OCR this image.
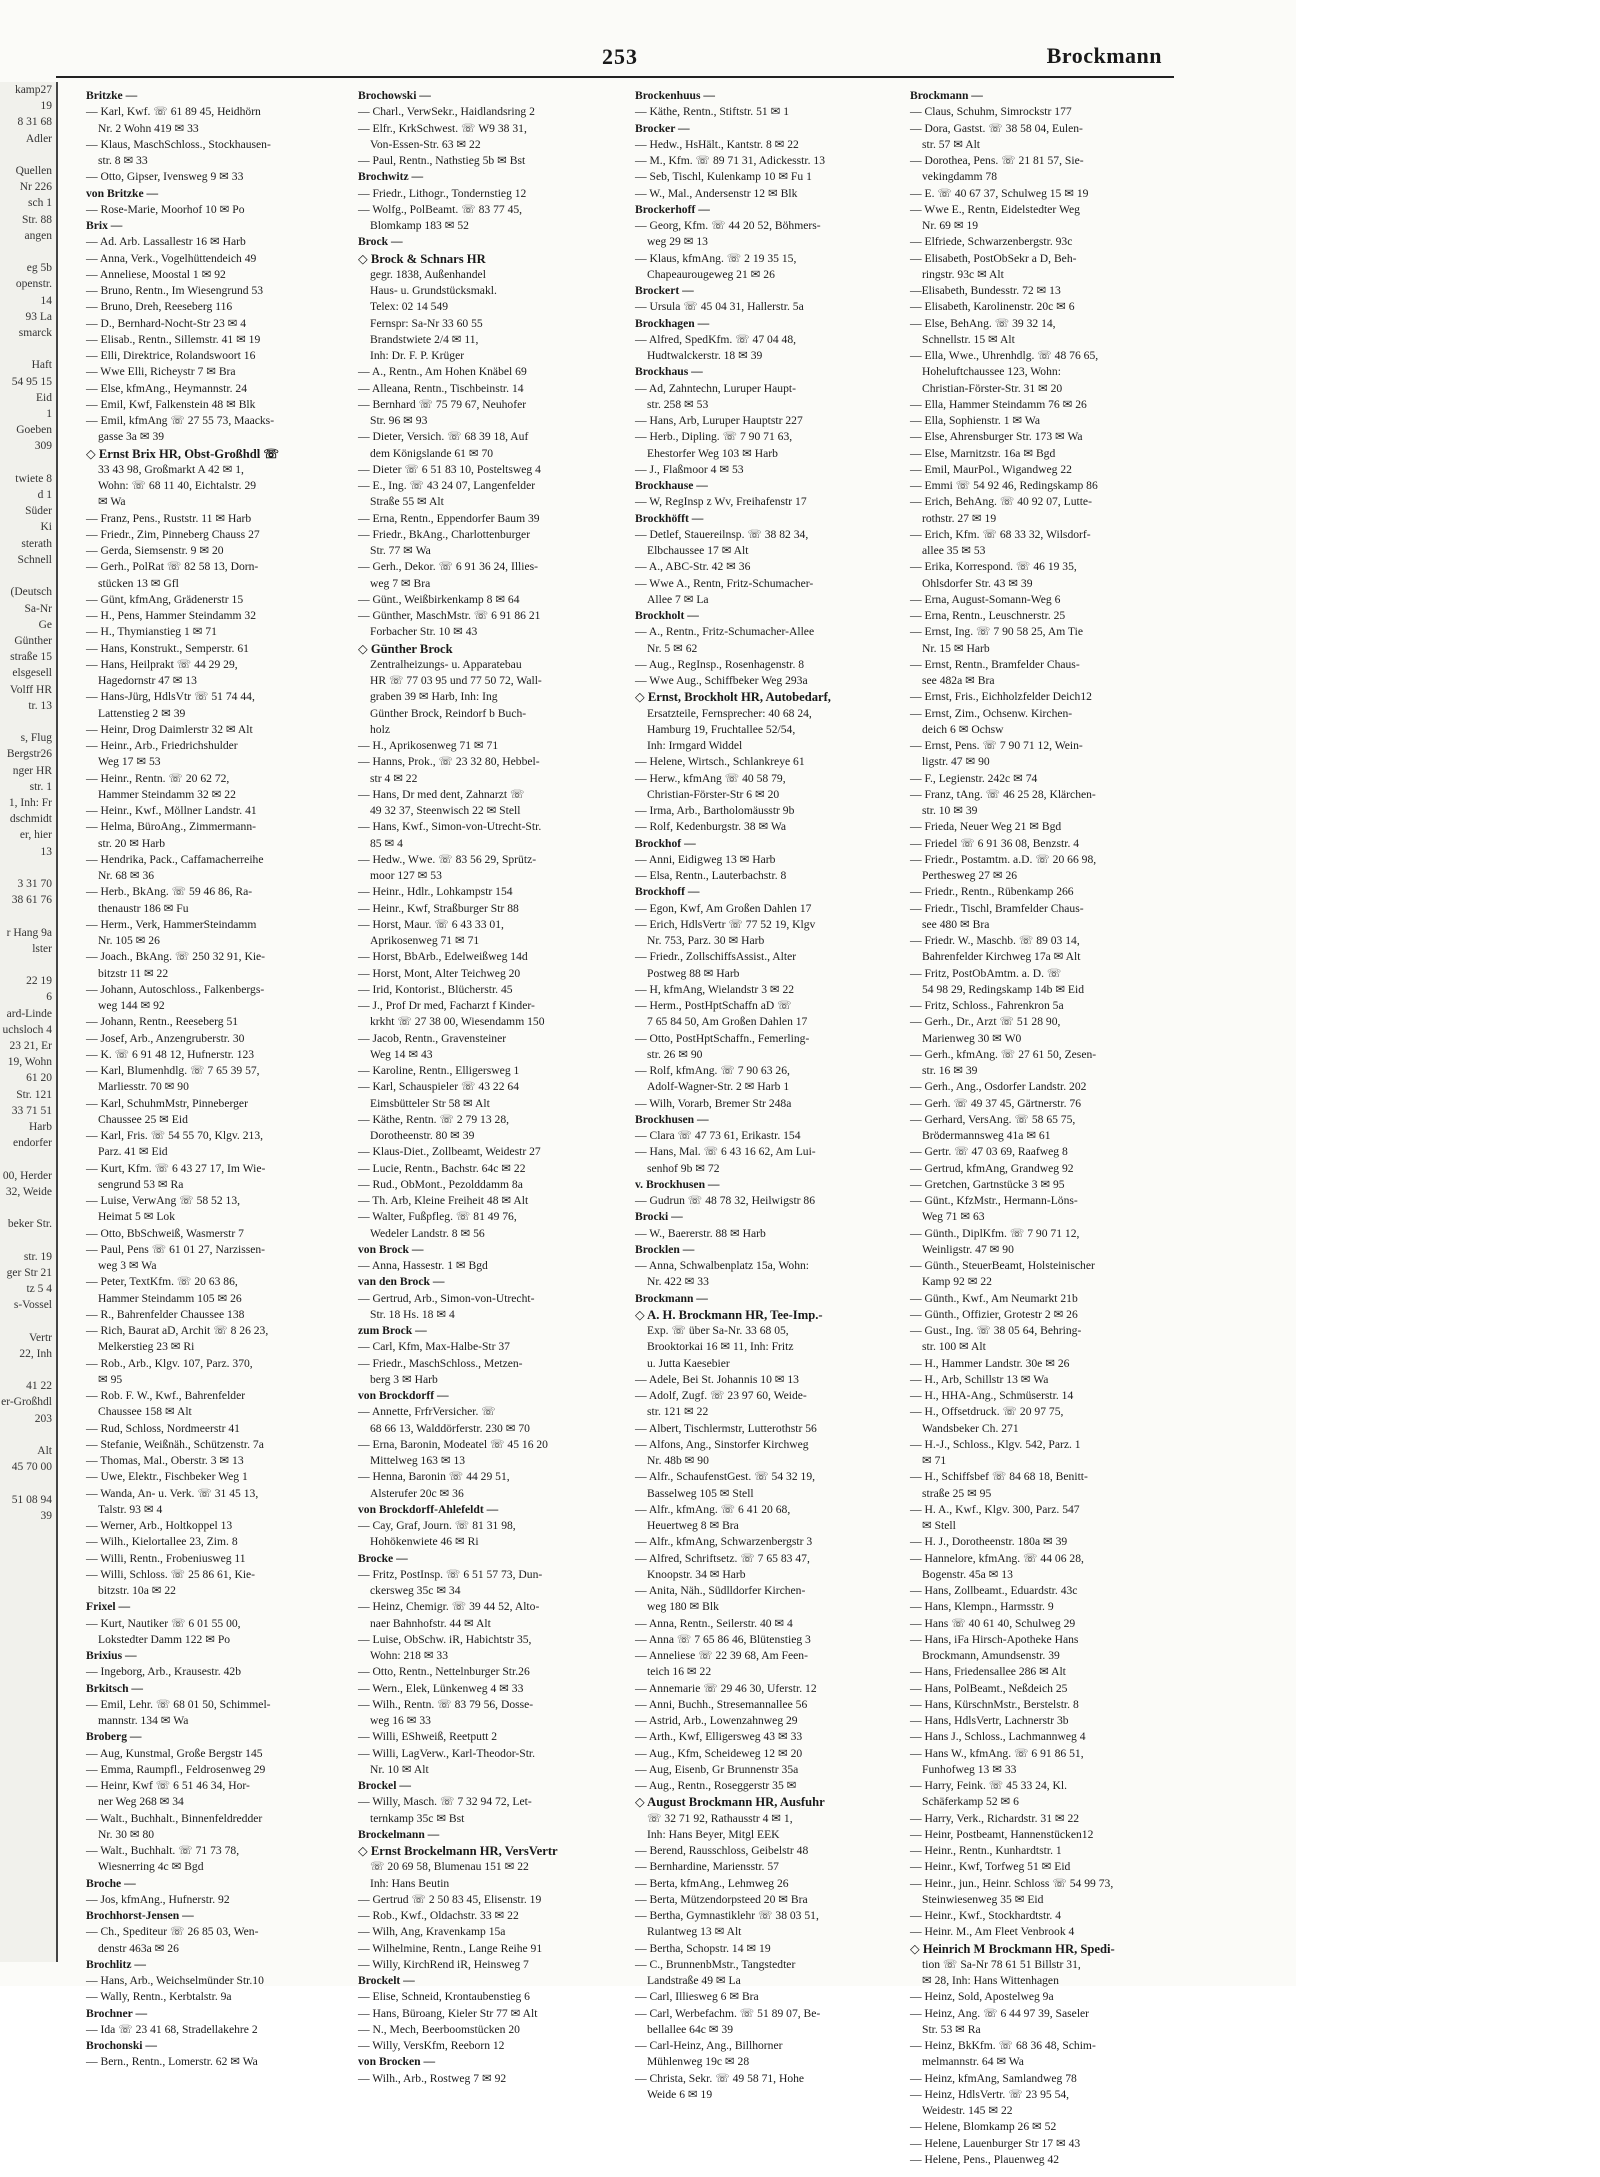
kamp27
19
8 31 68
Adler

Quellen
Nr 226
sch 1
Str. 88
angen

eg 5b
openstr.
14
93 La
smarck

Haft
54 95 15
Eid
1
Goeben
309

twiete 8
d 1
Süder
Ki
sterath
Schnell

(Deutsch
Sa-Nr
Ge
Günther
straße 15
elsgesell
Volff HR
tr. 13

s, Flug
Bergstr26
nger HR
str. 1
1, Inh: Fr
dschmidt
er, hier
13

3 31 70
38 61 76

r Hang 9a
lster

22 19
6
ard-Linde
uchsloch 4
23 21, Er
19, Wohn
61 20
Str. 121
33 71 51
Harb
endorfer

00, Herder
32, Weide

beker Str.

str. 19
ger Str 21
tz 5 4
s-Vossel

Vertr
22, Inh

41 22
er-Großhdl
203

Alt
45 70 00

51 08 94
39
253	Brockmann
Britzke —
— Karl, Kwf. ☏ 61 89 45, Heidhörn
Nr. 2 Wohn 419 ✉ 33
— Klaus, MaschSchloss., Stockhausen-
str. 8 ✉ 33
— Otto, Gipser, Ivensweg 9 ✉ 33
von Britzke —
— Rose-Marie, Moorhof 10 ✉ Po
Brix —
— Ad. Arb. Lassallestr 16 ✉ Harb
— Anna, Verk., Vogelhüttendeich 49
— Anneliese, Moostal 1 ✉ 92
— Bruno, Rentn., Im Wiesengrund 53
— Bruno, Dreh, Reeseberg 116
— D., Bernhard-Nocht-Str 23 ✉ 4
— Elisab., Rentn., Sillemstr. 41 ✉ 19
— Elli, Direktrice, Rolandswoort 16
— Wwe Elli, Richeystr 7 ✉ Bra
— Else, kfmAng., Heymannstr. 24
— Emil, Kwf, Falkenstein 48 ✉ Blk
— Emil, kfmAng ☏ 27 55 73, Maacks-
gasse 3a ✉ 39
◇ Ernst Brix HR, Obst-Großhdl ☏
33 43 98, Großmarkt A 42 ✉ 1,
Wohn: ☏ 68 11 40, Eichtalstr. 29
✉ Wa
— Franz, Pens., Ruststr. 11 ✉ Harb
— Friedr., Zim, Pinneberg Chauss 27
— Gerda, Siemsenstr. 9 ✉ 20
— Gerh., PolRat ☏ 82 58 13, Dorn-
stücken 13 ✉ Gfl
— Günt, kfmAng, Grädenerstr 15
— H., Pens, Hammer Steindamm 32
— H., Thymianstieg 1 ✉ 71
— Hans, Konstrukt., Semperstr. 61
— Hans, Heilprakt ☏ 44 29 29,
Hagedornstr 47 ✉ 13
— Hans-Jürg, HdlsVtr ☏ 51 74 44,
Lattenstieg 2 ✉ 39
— Heinr, Drog Daimlerstr 32 ✉ Alt
— Heinr., Arb., Friedrichshulder
Weg 17 ✉ 53
— Heinr., Rentn. ☏ 20 62 72,
Hammer Steindamm 32 ✉ 22
— Heinr., Kwf., Möllner Landstr. 41
— Helma, BüroAng., Zimmermann-
str. 20 ✉ Harb
— Hendrika, Pack., Caffamacherreihe
Nr. 68 ✉ 36
— Herb., BkAng. ☏ 59 46 86, Ra-
thenaustr 186 ✉ Fu
— Herm., Verk, HammerSteindamm
Nr. 105 ✉ 26
— Joach., BkAng. ☏ 250 32 91, Kie-
bitzstr 11 ✉ 22
— Johann, Autoschloss., Falkenbergs-
weg 144 ✉ 92
— Johann, Rentn., Reeseberg 51
— Josef, Arb., Anzengruberstr. 30
— K. ☏ 6 91 48 12, Hufnerstr. 123
— Karl, Blumenhdlg. ☏ 7 65 39 57,
Marliesstr. 70 ✉ 90
— Karl, SchuhmMstr, Pinneberger
Chaussee 25 ✉ Eid
— Karl, Fris. ☏ 54 55 70, Klgv. 213,
Parz. 41 ✉ Eid
— Kurt, Kfm. ☏ 6 43 27 17, Im Wie-
sengrund 53 ✉ Ra
— Luise, VerwAng ☏ 58 52 13,
Heimat 5 ✉ Lok
— Otto, BbSchweiß, Wasmerstr 7
— Paul, Pens ☏ 61 01 27, Narzissen-
weg 3 ✉ Wa
— Peter, TextKfm. ☏ 20 63 86,
Hammer Steindamm 105 ✉ 26
— R., Bahrenfelder Chaussee 138
— Rich, Baurat aD, Archit ☏ 8 26 23,
Melkerstieg 23 ✉ Ri
— Rob., Arb., Klgv. 107, Parz. 370,
✉ 95
— Rob. F. W., Kwf., Bahrenfelder
Chaussee 158 ✉ Alt
— Rud, Schloss, Nordmeerstr 41
— Stefanie, Weißnäh., Schützenstr. 7a
— Thomas, Mal., Oberstr. 3 ✉ 13
— Uwe, Elektr., Fischbeker Weg 1
— Wanda, An- u. Verk. ☏ 31 45 13,
Talstr. 93 ✉ 4
— Werner, Arb., Holtkoppel 13
— Wilh., Kielortallee 23, Zim. 8
— Willi, Rentn., Frobeniusweg 11
— Willi, Schloss. ☏ 25 86 61, Kie-
bitzstr. 10a ✉ 22
Frixel —
— Kurt, Nautiker ☏ 6 01 55 00,
Lokstedter Damm 122 ✉ Po
Brixius —
— Ingeborg, Arb., Krausestr. 42b
Brkitsch —
— Emil, Lehr. ☏ 68 01 50, Schimmel-
mannstr. 134 ✉ Wa
Broberg —
— Aug, Kunstmal, Große Bergstr 145
— Emma, Raumpfl., Feldrosenweg 29
— Heinr, Kwf ☏ 6 51 46 34, Hor-
ner Weg 268 ✉ 34
— Walt., Buchhalt., Binnenfeldredder
Nr. 30 ✉ 80
— Walt., Buchhalt. ☏ 71 73 78,
Wiesnerring 4c ✉ Bgd
Broche —
— Jos, kfmAng., Hufnerstr. 92
Brochhorst-Jensen —
— Ch., Spediteur ☏ 26 85 03, Wen-
denstr 463a ✉ 26
Brochlitz —
— Hans, Arb., Weichselmünder Str.10
— Wally, Rentn., Kerbtalstr. 9a
Brochner —
— Ida ☏ 23 41 68, Stradellakehre 2
Brochonski —
— Bern., Rentn., Lomerstr. 62 ✉ Wa
Brochowski —
— Charl., VerwSekr., Haidlandsring 2
— Elfr., KrkSchwest. ☏ W9 38 31,
Von-Essen-Str. 63 ✉ 22
— Paul, Rentn., Nathstieg 5b ✉ Bst
Brochwitz —
— Friedr., Lithogr., Tondernstieg 12
— Wolfg., PolBeamt. ☏ 83 77 45,
Blomkamp 183 ✉ 52
Brock —
◇ Brock & Schnars HR
gegr. 1838, Außenhandel
Haus- u. Grundstücksmakl.
Telex: 02 14 549
Fernspr: Sa-Nr 33 60 55
Brandstwiete 2/4 ✉ 11,
Inh: Dr. F. P. Krüger
— A., Rentn., Am Hohen Knäbel 69
— Alleana, Rentn., Tischbeinstr. 14
— Bernhard ☏ 75 79 67, Neuhofer
Str. 96 ✉ 93
— Dieter, Versich. ☏ 68 39 18, Auf
dem Königslande 61 ✉ 70
— Dieter ☏ 6 51 83 10, Posteltsweg 4
— E., Ing. ☏ 43 24 07, Langenfelder
Straße 55 ✉ Alt
— Erna, Rentn., Eppendorfer Baum 39
— Friedr., BkAng., Charlottenburger
Str. 77 ✉ Wa
— Gerh., Dekor. ☏ 6 91 36 24, Illies-
weg 7 ✉ Bra
— Günt., Weißbirkenkamp 8 ✉ 64
— Günther, MaschMstr. ☏ 6 91 86 21
Forbacher Str. 10 ✉ 43
◇ Günther Brock
Zentralheizungs- u. Apparatebau
HR ☏ 77 03 95 und 77 50 72, Wall-
graben 39 ✉ Harb, Inh: Ing
Günther Brock, Reindorf b Buch-
holz
— H., Aprikosenweg 71 ✉ 71
— Hanns, Prok., ☏ 23 32 80, Hebbel-
str 4 ✉ 22
— Hans, Dr med dent, Zahnarzt ☏
49 32 37, Steenwisch 22 ✉ Stell
— Hans, Kwf., Simon-von-Utrecht-Str.
85 ✉ 4
— Hedw., Wwe. ☏ 83 56 29, Sprütz-
moor 127 ✉ 53
— Heinr., Hdlr., Lohkampstr 154
— Heinr., Kwf, Straßburger Str 88
— Horst, Maur. ☏ 6 43 33 01,
Aprikosenweg 71 ✉ 71
— Horst, BbArb., Edelweißweg 14d
— Horst, Mont, Alter Teichweg 20
— Irid, Kontorist., Blücherstr. 45
— J., Prof Dr med, Facharzt f Kinder-
krkht ☏ 27 38 00, Wiesendamm 150
— Jacob, Rentn., Gravensteiner
Weg 14 ✉ 43
— Karoline, Rentn., Elligersweg 1
— Karl, Schauspieler ☏ 43 22 64
Eimsbütteler Str 58 ✉ Alt
— Käthe, Rentn. ☏ 2 79 13 28,
Dorotheenstr. 80 ✉ 39
— Klaus-Diet., Zollbeamt, Weidestr 27
— Lucie, Rentn., Bachstr. 64c ✉ 22
— Rud., ObMont., Pezolddamm 8a
— Th. Arb, Kleine Freiheit 48 ✉ Alt
— Walter, Fußpfleg. ☏ 81 49 76,
Wedeler Landstr. 8 ✉ 56
von Brock —
— Anna, Hassestr. 1 ✉ Bgd
van den Brock —
— Gertrud, Arb., Simon-von-Utrecht-
Str. 18 Hs. 18 ✉ 4
zum Brock —
— Carl, Kfm, Max-Halbe-Str 37
— Friedr., MaschSchloss., Metzen-
berg 3 ✉ Harb
von Brockdorff —
— Annette, FrfrVersicher. ☏
68 66 13, Walddörferstr. 230 ✉ 70
— Erna, Baronin, Modeatel ☏ 45 16 20
Mittelweg 163 ✉ 13
— Henna, Baronin ☏ 44 29 51,
Alsterufer 20c ✉ 36
von Brockdorff-Ahlefeldt —
— Cay, Graf, Journ. ☏ 81 31 98,
Hohökenwiete 46 ✉ Ri
Brocke —
— Fritz, PostInsp. ☏ 6 51 57 73, Dun-
ckersweg 35c ✉ 34
— Heinz, Chemigr. ☏ 39 44 52, Alto-
naer Bahnhofstr. 44 ✉ Alt
— Luise, ObSchw. iR, Habichtstr 35,
Wohn: 218 ✉ 33
— Otto, Rentn., Nettelnburger Str.26
— Wern., Elek, Lünkenweg 4 ✉ 33
— Wilh., Rentn. ☏ 83 79 56, Dosse-
weg 16 ✉ 33
— Willi, EShweiß, Reetputt 2
— Willi, LagVerw., Karl-Theodor-Str.
Nr. 10 ✉ Alt
Brockel —
— Willy, Masch. ☏ 7 32 94 72, Let-
ternkamp 35c ✉ Bst
Brockelmann —
◇ Ernst Brockelmann HR, VersVertr
☏ 20 69 58, Blumenau 151 ✉ 22
Inh: Hans Beutin
— Gertrud ☏ 2 50 83 45, Elisenstr. 19
— Rob., Kwf., Oldachstr. 33 ✉ 22
— Wilh, Ang, Kravenkamp 15a
— Wilhelmine, Rentn., Lange Reihe 91
— Willy, KirchRend iR, Heinsweg 7
Brockelt —
— Elise, Schneid, Krontaubenstieg 6
— Hans, Büroang, Kieler Str 77 ✉ Alt
— N., Mech, Beerboomstücken 20
— Willy, VersKfm, Reeborn 12
von Brocken —
— Wilh., Arb., Rostweg 7 ✉ 92
Brockenhuus —
— Käthe, Rentn., Stiftstr. 51 ✉ 1
Brocker —
— Hedw., HsHält., Kantstr. 8 ✉ 22
— M., Kfm. ☏ 89 71 31, Adickesstr. 13
— Seb, Tischl, Kulenkamp 10 ✉ Fu 1
— W., Mal., Andersenstr 12 ✉ Blk
Brockerhoff —
— Georg, Kfm. ☏ 44 20 52, Böhmers-
weg 29 ✉ 13
— Klaus, kfmAng. ☏ 2 19 35 15,
Chapeaurougeweg 21 ✉ 26
Brockert —
— Ursula ☏ 45 04 31, Hallerstr. 5a
Brockhagen —
— Alfred, SpedKfm. ☏ 47 04 48,
Hudtwalckerstr. 18 ✉ 39
Brockhaus —
— Ad, Zahntechn, Luruper Haupt-
str. 258 ✉ 53
— Hans, Arb, Luruper Hauptstr 227
— Herb., Dipling. ☏ 7 90 71 63,
Ehestorfer Weg 103 ✉ Harb
— J., Flaßmoor 4 ✉ 53
Brockhause —
— W, RegInsp z Wv, Freihafenstr 17
Brockhöfft —
— Detlef, Stauereilnsp. ☏ 38 82 34,
Elbchaussee 17 ✉ Alt
— A., ABC-Str. 42 ✉ 36
— Wwe A., Rentn, Fritz-Schumacher-
Allee 7 ✉ La
Brockholt —
— A., Rentn., Fritz-Schumacher-Allee
Nr. 5 ✉ 62
— Aug., RegInsp., Rosenhagenstr. 8
— Wwe Aug., Schiffbeker Weg 293a
◇ Ernst, Brockholt HR, Autobedarf,
Ersatzteile, Fernsprecher: 40 68 24,
Hamburg 19, Fruchtallee 52/54,
Inh: Irmgard Widdel
— Helene, Wirtsch., Schlankreye 61
— Herw., kfmAng ☏ 40 58 79,
Christian-Förster-Str 6 ✉ 20
— Irma, Arb., Bartholomäusstr 9b
— Rolf, Kedenburgstr. 38 ✉ Wa
Brockhof —
— Anni, Eidigweg 13 ✉ Harb
— Elsa, Rentn., Lauterbachstr. 8
Brockhoff —
— Egon, Kwf, Am Großen Dahlen 17
— Erich, HdlsVertr ☏ 77 52 19, Klgv
Nr. 753, Parz. 30 ✉ Harb
— Friedr., ZollschiffsAssist., Alter
Postweg 88 ✉ Harb
— H, kfmAng, Wielandstr 3 ✉ 22
— Herm., PostHptSchaffn aD ☏
7 65 84 50, Am Großen Dahlen 17
— Otto, PostHptSchaffn., Femerling-
str. 26 ✉ 90
— Rolf, kfmAng. ☏ 7 90 63 26,
Adolf-Wagner-Str. 2 ✉ Harb 1
— Wilh, Vorarb, Bremer Str 248a
Brockhusen —
— Clara ☏ 47 73 61, Erikastr. 154
— Hans, Mal. ☏ 6 43 16 62, Am Lui-
senhof 9b ✉ 72
v. Brockhusen —
— Gudrun ☏ 48 78 32, Heilwigstr 86
Brocki —
— W., Baererstr. 88 ✉ Harb
Brocklen —
— Anna, Schwalbenplatz 15a, Wohn:
Nr. 422 ✉ 33
Brockmann —
◇ A. H. Brockmann HR, Tee-Imp.-
Exp. ☏ über Sa-Nr. 33 68 05,
Brooktorkai 16 ✉ 11, Inh: Fritz
u. Jutta Kaesebier
— Adele, Bei St. Johannis 10 ✉ 13
— Adolf, Zugf. ☏ 23 97 60, Weide-
str. 121 ✉ 22
— Albert, Tischlermstr, Lutterothstr 56
— Alfons, Ang., Sinstorfer Kirchweg
Nr. 48b ✉ 90
— Alfr., SchaufenstGest. ☏ 54 32 19,
Basselweg 105 ✉ Stell
— Alfr., kfmAng. ☏ 6 41 20 68,
Heuertweg 8 ✉ Bra
— Alfr., kfmAng, Schwarzenbergstr 3
— Alfred, Schriftsetz. ☏ 7 65 83 47,
Knoopstr. 34 ✉ Harb
— Anita, Näh., Südlldorfer Kirchen-
weg 180 ✉ Blk
— Anna, Rentn., Seilerstr. 40 ✉ 4
— Anna ☏ 7 65 86 46, Blütenstieg 3
— Anneliese ☏ 22 39 68, Am Feen-
teich 16 ✉ 22
— Annemarie ☏ 29 46 30, Uferstr. 12
— Anni, Buchh., Stresemannallee 56
— Astrid, Arb., Lowenzahnweg 29
— Arth., Kwf, Elligersweg 43 ✉ 33
— Aug., Kfm, Scheideweg 12 ✉ 20
— Aug, Eisenb, Gr Brunnenstr 35a
— Aug., Rentn., Roseggerstr 35 ✉
◇ August Brockmann HR, Ausfuhr
☏ 32 71 92, Rathausstr 4 ✉ 1,
Inh: Hans Beyer, Mitgl EEK
— Berend, Rausschloss, Geibelstr 48
— Bernhardine, Mariensstr. 57
— Berta, kfmAng., Lehmweg 26
— Berta, Mützendorpsteed 20 ✉ Bra
— Bertha, Gymnastiklehr ☏ 38 03 51,
Rulantweg 13 ✉ Alt
— Bertha, Schopstr. 14 ✉ 19
— C., BrunnenbMstr., Tangstedter
Landstraße 49 ✉ La
— Carl, Illiesweg 6 ✉ Bra
— Carl, Werbefachm. ☏ 51 89 07, Be-
bellallee 64c ✉ 39
— Carl-Heinz, Ang., Billhorner
Mühlenweg 19c ✉ 28
— Christa, Sekr. ☏ 49 58 71, Hohe
Weide 6 ✉ 19
Brockmann —
— Claus, Schuhm, Simrockstr 177
— Dora, Gastst. ☏ 38 58 04, Eulen-
str. 57 ✉ Alt
— Dorothea, Pens. ☏ 21 81 57, Sie-
vekingdamm 78
— E. ☏ 40 67 37, Schulweg 15 ✉ 19
— Wwe E., Rentn, Eidelstedter Weg
Nr. 69 ✉ 19
— Elfriede, Schwarzenbergstr. 93c
— Elisabeth, PostObSekr a D, Beh-
ringstr. 93c ✉ Alt
—Elisabeth, Bundesstr. 72 ✉ 13
— Elisabeth, Karolinenstr. 20c ✉ 6
— Else, BehAng. ☏ 39 32 14,
Schnellstr. 15 ✉ Alt
— Ella, Wwe., Uhrenhdlg. ☏ 48 76 65,
Hoheluftchaussee 123, Wohn:
Christian-Förster-Str. 31 ✉ 20
— Ella, Hammer Steindamm 76 ✉ 26
— Ella, Sophienstr. 1 ✉ Wa
— Else, Ahrensburger Str. 173 ✉ Wa
— Else, Marnitzstr. 16a ✉ Bgd
— Emil, MaurPol., Wigandweg 22
— Emmi ☏ 54 92 46, Redingskamp 86
— Erich, BehAng. ☏ 40 92 07, Lutte-
rothstr. 27 ✉ 19
— Erich, Kfm. ☏ 68 33 32, Wilsdorf-
allee 35 ✉ 53
— Erika, Korrespond. ☏ 46 19 35,
Ohlsdorfer Str. 43 ✉ 39
— Erna, August-Somann-Weg 6
— Erna, Rentn., Leuschnerstr. 25
— Ernst, Ing. ☏ 7 90 58 25, Am Tie
Nr. 15 ✉ Harb
— Ernst, Rentn., Bramfelder Chaus-
see 482a ✉ Bra
— Ernst, Fris., Eichholzfelder Deich12
— Ernst, Zim., Ochsenw. Kirchen-
deich 6 ✉ Ochsw
— Ernst, Pens. ☏ 7 90 71 12, Wein-
ligstr. 47 ✉ 90
— F., Legienstr. 242c ✉ 74
— Franz, tAng. ☏ 46 25 28, Klärchen-
str. 10 ✉ 39
— Frieda, Neuer Weg 21 ✉ Bgd
— Friedel ☏ 6 91 36 08, Benzstr. 4
— Friedr., Postamtm. a.D. ☏ 20 66 98,
Perthesweg 27 ✉ 26
— Friedr., Rentn., Rübenkamp 266
— Friedr., Tischl, Bramfelder Chaus-
see 480 ✉ Bra
— Friedr. W., Maschb. ☏ 89 03 14,
Bahrenfelder Kirchweg 17a ✉ Alt
— Fritz, PostObAmtm. a. D. ☏
54 98 29, Redingskamp 14b ✉ Eid
— Fritz, Schloss., Fahrenkron 5a
— Gerh., Dr., Arzt ☏ 51 28 90,
Marienweg 30 ✉ W0
— Gerh., kfmAng. ☏ 27 61 50, Zesen-
str. 16 ✉ 39
— Gerh., Ang., Osdorfer Landstr. 202
— Gerh. ☏ 49 37 45, Gärtnerstr. 76
— Gerhard, VersAng. ☏ 58 65 75,
Brödermannsweg 41a ✉ 61
— Gertr. ☏ 47 03 69, Raafweg 8
— Gertrud, kfmAng, Grandweg 92
— Gretchen, Gartnstücke 3 ✉ 95
— Günt., KfzMstr., Hermann-Löns-
Weg 71 ✉ 63
— Günth., DiplKfm. ☏ 7 90 71 12,
Weinligstr. 47 ✉ 90
— Günth., SteuerBeamt, Holsteinischer
Kamp 92 ✉ 22
— Günth., Kwf., Am Neumarkt 21b
— Günth., Offizier, Grotestr 2 ✉ 26
— Gust., Ing. ☏ 38 05 64, Behring-
str. 100 ✉ Alt
— H., Hammer Landstr. 30e ✉ 26
— H., Arb, Schillstr 13 ✉ Wa
— H., HHA-Ang., Schmüserstr. 14
— H., Offsetdruck. ☏ 20 97 75,
Wandsbeker Ch. 271
— H.-J., Schloss., Klgv. 542, Parz. 1
✉ 71
— H., Schiffsbef ☏ 84 68 18, Benitt-
straße 25 ✉ 95
— H. A., Kwf., Klgv. 300, Parz. 547
✉ Stell
— H. J., Dorotheenstr. 180a ✉ 39
— Hannelore, kfmAng. ☏ 44 06 28,
Bogenstr. 45a ✉ 13
— Hans, Zollbeamt., Eduardstr. 43c
— Hans, Klempn., Harmsstr. 9
— Hans ☏ 40 61 40, Schulweg 29
— Hans, iFa Hirsch-Apotheke Hans
Brockmann, Amundsenstr. 39
— Hans, Friedensallee 286 ✉ Alt
— Hans, PolBeamt., Neßdeich 25
— Hans, KürschnMstr., Berstelstr. 8
— Hans, HdlsVertr, Lachnerstr 3b
— Hans J., Schloss., Lachmannweg 4
— Hans W., kfmAng. ☏ 6 91 86 51,
Funhofweg 13 ✉ 33
— Harry, Feink. ☏ 45 33 24, Kl.
Schäferkamp 52 ✉ 6
— Harry, Verk., Richardstr. 31 ✉ 22
— Heinr, Postbeamt, Hannenstücken12
— Heinr., Rentn., Kunhardtstr. 1
— Heinr., Kwf, Torfweg 51 ✉ Eid
— Heinr., jun., Heinr. Schloss ☏ 54 99 73,
Steinwiesenweg 35 ✉ Eid
— Heinr., Kwf., Stockhardtstr. 4
— Heinr. M., Am Fleet Venbrook 4
◇ Heinrich M Brockmann HR, Spedi-
tion ☏ Sa-Nr 78 61 51 Billstr 31,
✉ 28, Inh: Hans Wittenhagen
— Heinz, Sold, Apostelweg 9a
— Heinz, Ang. ☏ 6 44 97 39, Saseler
Str. 53 ✉ Ra
— Heinz, BkKfm. ☏ 68 36 48, Schim-
melmannstr. 64 ✉ Wa
— Heinz, kfmAng, Samlandweg 78
— Heinz, HdlsVertr. ☏ 23 95 54,
Weidestr. 145 ✉ 22
— Helene, Blomkamp 26 ✉ 52
— Helene, Lauenburger Str 17 ✉ 43
— Helene, Pens., Plauenweg 42
